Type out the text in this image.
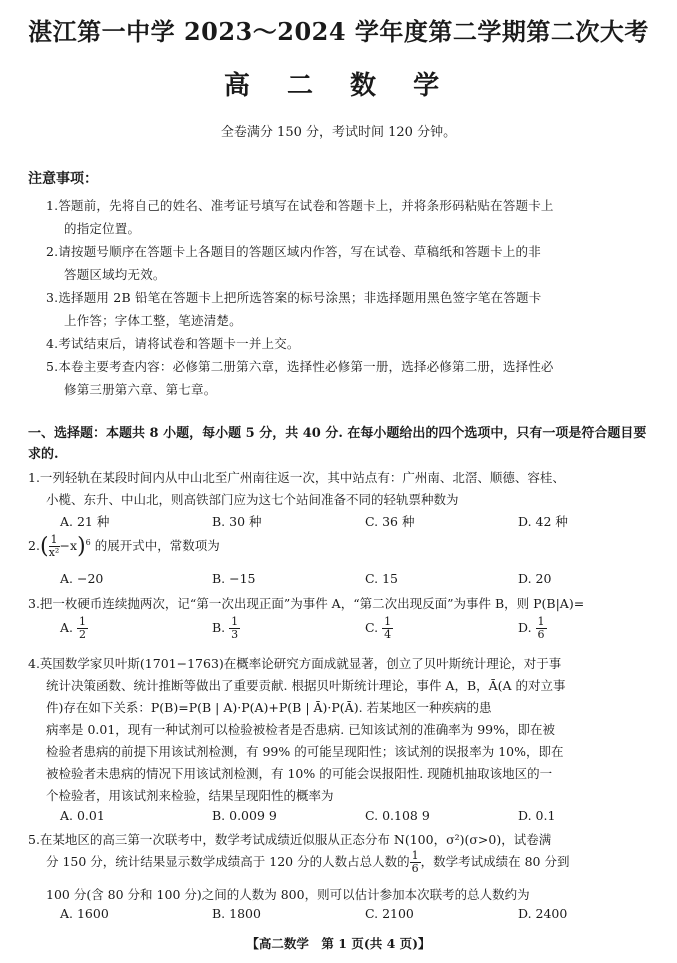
湛江第一中学 2023～2024 学年度第二学期第二次大考
高 二 数 学
全卷满分 150 分，考试时间 120 分钟。
注意事项：
1.答题前，先将自己的姓名、准考证号填写在试卷和答题卡上，并将条形码粘贴在答题卡上
的指定位置。
2.请按题号顺序在答题卡上各题目的答题区域内作答，写在试卷、草稿纸和答题卡上的非
答题区域均无效。
3.选择题用 2B 铅笔在答题卡上把所选答案的标号涂黑；非选择题用黑色签字笔在答题卡
上作答；字体工整，笔迹清楚。
4.考试结束后，请将试卷和答题卡一并上交。
5.本卷主要考查内容：必修第二册第六章，选择性必修第一册，选择必修第二册，选择性必
修第三册第六章、第七章。
一、选择题：本题共 8 小题，每小题 5 分，共 40 分. 在每小题给出的四个选项中，只有一项是符合题目要求的.
1.一列轻轨在某段时间内从中山北至广州南往返一次，其中站点有：广州南、北滘、顺德、容桂、
小榄、东升、中山北，则高铁部门应为这七个站间准备不同的轻轨票种数为
A. 21 种	B. 30 种	C. 36 种	D. 42 种
$2.( \frac{1}{\text{x²}} -x)^6$ 的展开式中，常数项为
A. −20	B. −15	C. 15	D. 20
3.把一枚硬币连续抛两次，记“第一次出现正面”为事件 A，“第二次出现反面”为事件 B，则 P(B|A)=
A. $\frac{1}{2}$	B. $\frac{1}{3}$	C. $\frac{1}{4}$	D. $\frac{1}{6}$
4.英国数学家贝叶斯(1701−1763)在概率论研究方面成就显著，创立了贝叶斯统计理论，对于事
统计决策函数、统计推断等做出了重要贡献. 根据贝叶斯统计理论，事件 A，B，Ā(A 的对立事
件)存在如下关系：P(B)=P(B | A)·P(A)+P(B | Ā)·P(Ā). 若某地区一种疾病的患
病率是 0.01，现有一种试剂可以检验被检者是否患病. 已知该试剂的准确率为 99%，即在被
检验者患病的前提下用该试剂检测，有 99% 的可能呈现阳性；该试剂的误报率为 10%，即在
被检验者未患病的情况下用该试剂检测，有 10% 的可能会误报阳性. 现随机抽取该地区的一
个检验者，用该试剂来检验，结果呈现阳性的概率为
A. 0.01	B. 0.009 9	C. 0.108 9	D. 0.1
5.在某地区的高三第一次联考中，数学考试成绩近似服从正态分布 N(100，σ²)(σ>0)，试卷满
分 150 分，统计结果显示数学成绩高于 120 分的人数占总人数的 $\frac{1}{6}$ ，数学考试成绩在 80 分到
100 分(含 80 分和 100 分)之间的人数为 800，则可以估计参加本次联考的总人数约为
A. 1600	B. 1800	C. 2100	D. 2400
【高二数学　第 1 页(共 4 页)】
